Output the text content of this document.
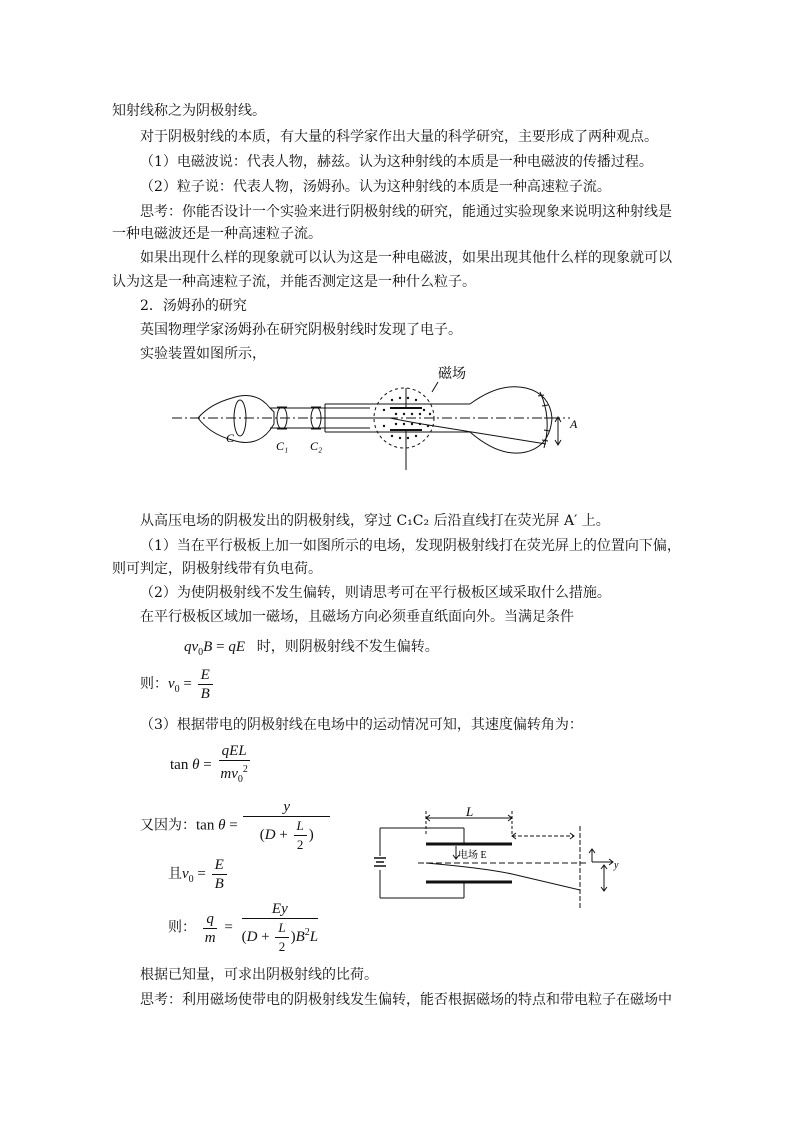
知射线称之为阴极射线。
对于阴极射线的本质，有大量的科学家作出大量的科学研究，主要形成了两种观点。
（1）电磁波说：代表人物，赫兹。认为这种射线的本质是一种电磁波的传播过程。
（2）粒子说：代表人物，汤姆孙。认为这种射线的本质是一种高速粒子流。
思考：你能否设计一个实验来进行阴极射线的研究，能通过实验现象来说明这种射线是
一种电磁波还是一种高速粒子流。
如果出现什么样的现象就可以认为这是一种电磁波，如果出现其他什么样的现象就可以
认为这是一种高速粒子流，并能否测定这是一种什么粒子。
2．汤姆孙的研究
英国物理学家汤姆孙在研究阴极射线时发现了电子。
实验装置如图所示，
磁场
C
C₁ C₂
A
从高压电场的阴极发出的阴极射线，穿过 C₁C₂ 后沿直线打在荧光屏 A′ 上。
（1）当在平行极板上加一如图所示的电场，发现阴极射线打在荧光屏上的位置向下偏，
则可判定，阴极射线带有负电荷。
（2）为使阴极射线不发生偏转，则请思考可在平行极板区域采取什么措施。
在平行极板区域加一磁场，且磁场方向必须垂直纸面向外。当满足条件
$qv_0B$ = qE 时，则阴极射线不发生偏转。
则：$v_0 = \frac{E}{B}$
（3）根据带电的阴极射线在电场中的运动情况可知，其速度偏转角为：
$\tan \theta = \frac{\text{qEL}}{mv_0^2}$
又因为：$\tan \theta = \frac{y}{(D + \frac{L}{2} )}$
且$v_0 = \frac{E}{B}$
则： $\frac{q}{m} = \frac{Ey}{(D + \frac{L}{2} )B^2L}$
L
电场 E
y
根据已知量，可求出阴极射线的比荷。
思考：利用磁场使带电的阴极射线发生偏转，能否根据磁场的特点和带电粒子在磁场中
